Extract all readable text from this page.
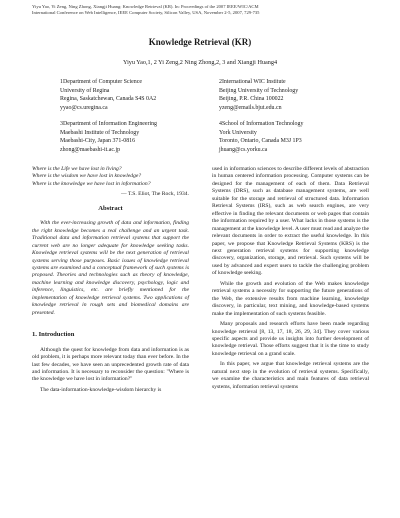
Yiyu Yao, Yi Zeng, Ning Zhong, Xiangji Huang: Knowledge Retrieval (KR). In: Proceedings of the 2007 IEEE/WIC/ACM
International Conference on Web Intelligence, IEEE Computer Society, Silicon Valley, USA, November 2-5, 2007, 729-735
Knowledge Retrieval (KR)
Yiyu Yao,1, 2 Yi Zeng,2 Ning Zhong,2, 3 and Xiangji Huang4
1Department of Computer Science
University of Regina
Regina, Saskatchewan, Canada S4S 0A2
yyao@cs.uregina.ca
2International WIC Institute
Beijing University of Technology
Beijing, P.R. China 100022
yzeng@emails.bjut.edu.cn
3Department of Information Engineering
Maebashi Institute of Technology
Maebashi-City, Japan 371-0816
zhong@maebashi-it.ac.jp
4School of Information Technology
York University
Toronto, Ontario, Canada M3J 1P3
jhuang@cs.yorku.ca

Where is the Life we have lost in living?

Where is the wisdom we have lost in knowledge?

Where is the knowledge we have lost in information?

— T.S. Eliot, The Rock, 1934.

Abstract

With the ever-increasing growth of data and information, finding the right knowledge becomes a real challenge and an urgent task. Traditional data and information retrieval systems that support the current web are no longer adequate for knowledge seeking tasks. Knowledge retrieval systems will be the next generation of retrieval systems serving those purposes. Basic issues of knowledge retrieval systems are examined and a conceptual framework of such systems is proposed. Theories and technologies such as theory of knowledge, machine learning and knowledge discovery, psychology, logic and inference, linguistics, etc. are briefly mentioned for the implementation of knowledge retrieval systems. Two applications of knowledge retrieval in rough sets and biomedical domains are presented.

1. Introduction

Although the quest for knowledge from data and information is as old problem, it is perhaps more relevant today than ever before. In the last few decades, we have seen an unprecedented growth rate of data and information. It is necessary to reconsider the question: "Where is the knowledge we have lost in information?"

The data-information-knowledge-wisdom hierarchy is

used in information sciences to describe different levels of abstraction in human centered information processing. Computer systems can be designed for the management of each of them. Data Retrieval Systems (DRS), such as database management systems, are well suitable for the storage and retrieval of structured data. Information Retrieval Systems (IRS), such as web search engines, are very effective in finding the relevant documents or web pages that contain the information required by a user. What lacks in those systems is the management at the knowledge level. A user must read and analyze the relevant documents in order to extract the useful knowledge. In this paper, we propose that Knowledge Retrieval Systems (KRS) is the next generation retrieval systems for supporting knowledge discovery, organization, storage, and retrieval. Such systems will be used by advanced and expert users to tackle the challenging problem of knowledge seeking.

While the growth and evolution of the Web makes knowledge retrieval systems a necessity for supporting the future generations of the Web, the extensive results from machine learning, knowledge discovery, in particular, text mining, and knowledge-based systems make the implementation of such systems feasible.

Many proposals and research efforts have been made regarding knowledge retrieval [8, 13, 17, 18, 26, 29, 34]. They cover various specific aspects and provide us insights into further development of knowledge retrieval. Those efforts suggest that it is the time to study knowledge retrieval on a grand scale.

In this paper, we argue that knowledge retrieval systems are the natural next step in the evolution of retrieval systems. Specifically, we examine the characteristics and main features of data retrieval systems, information retrieval systems
